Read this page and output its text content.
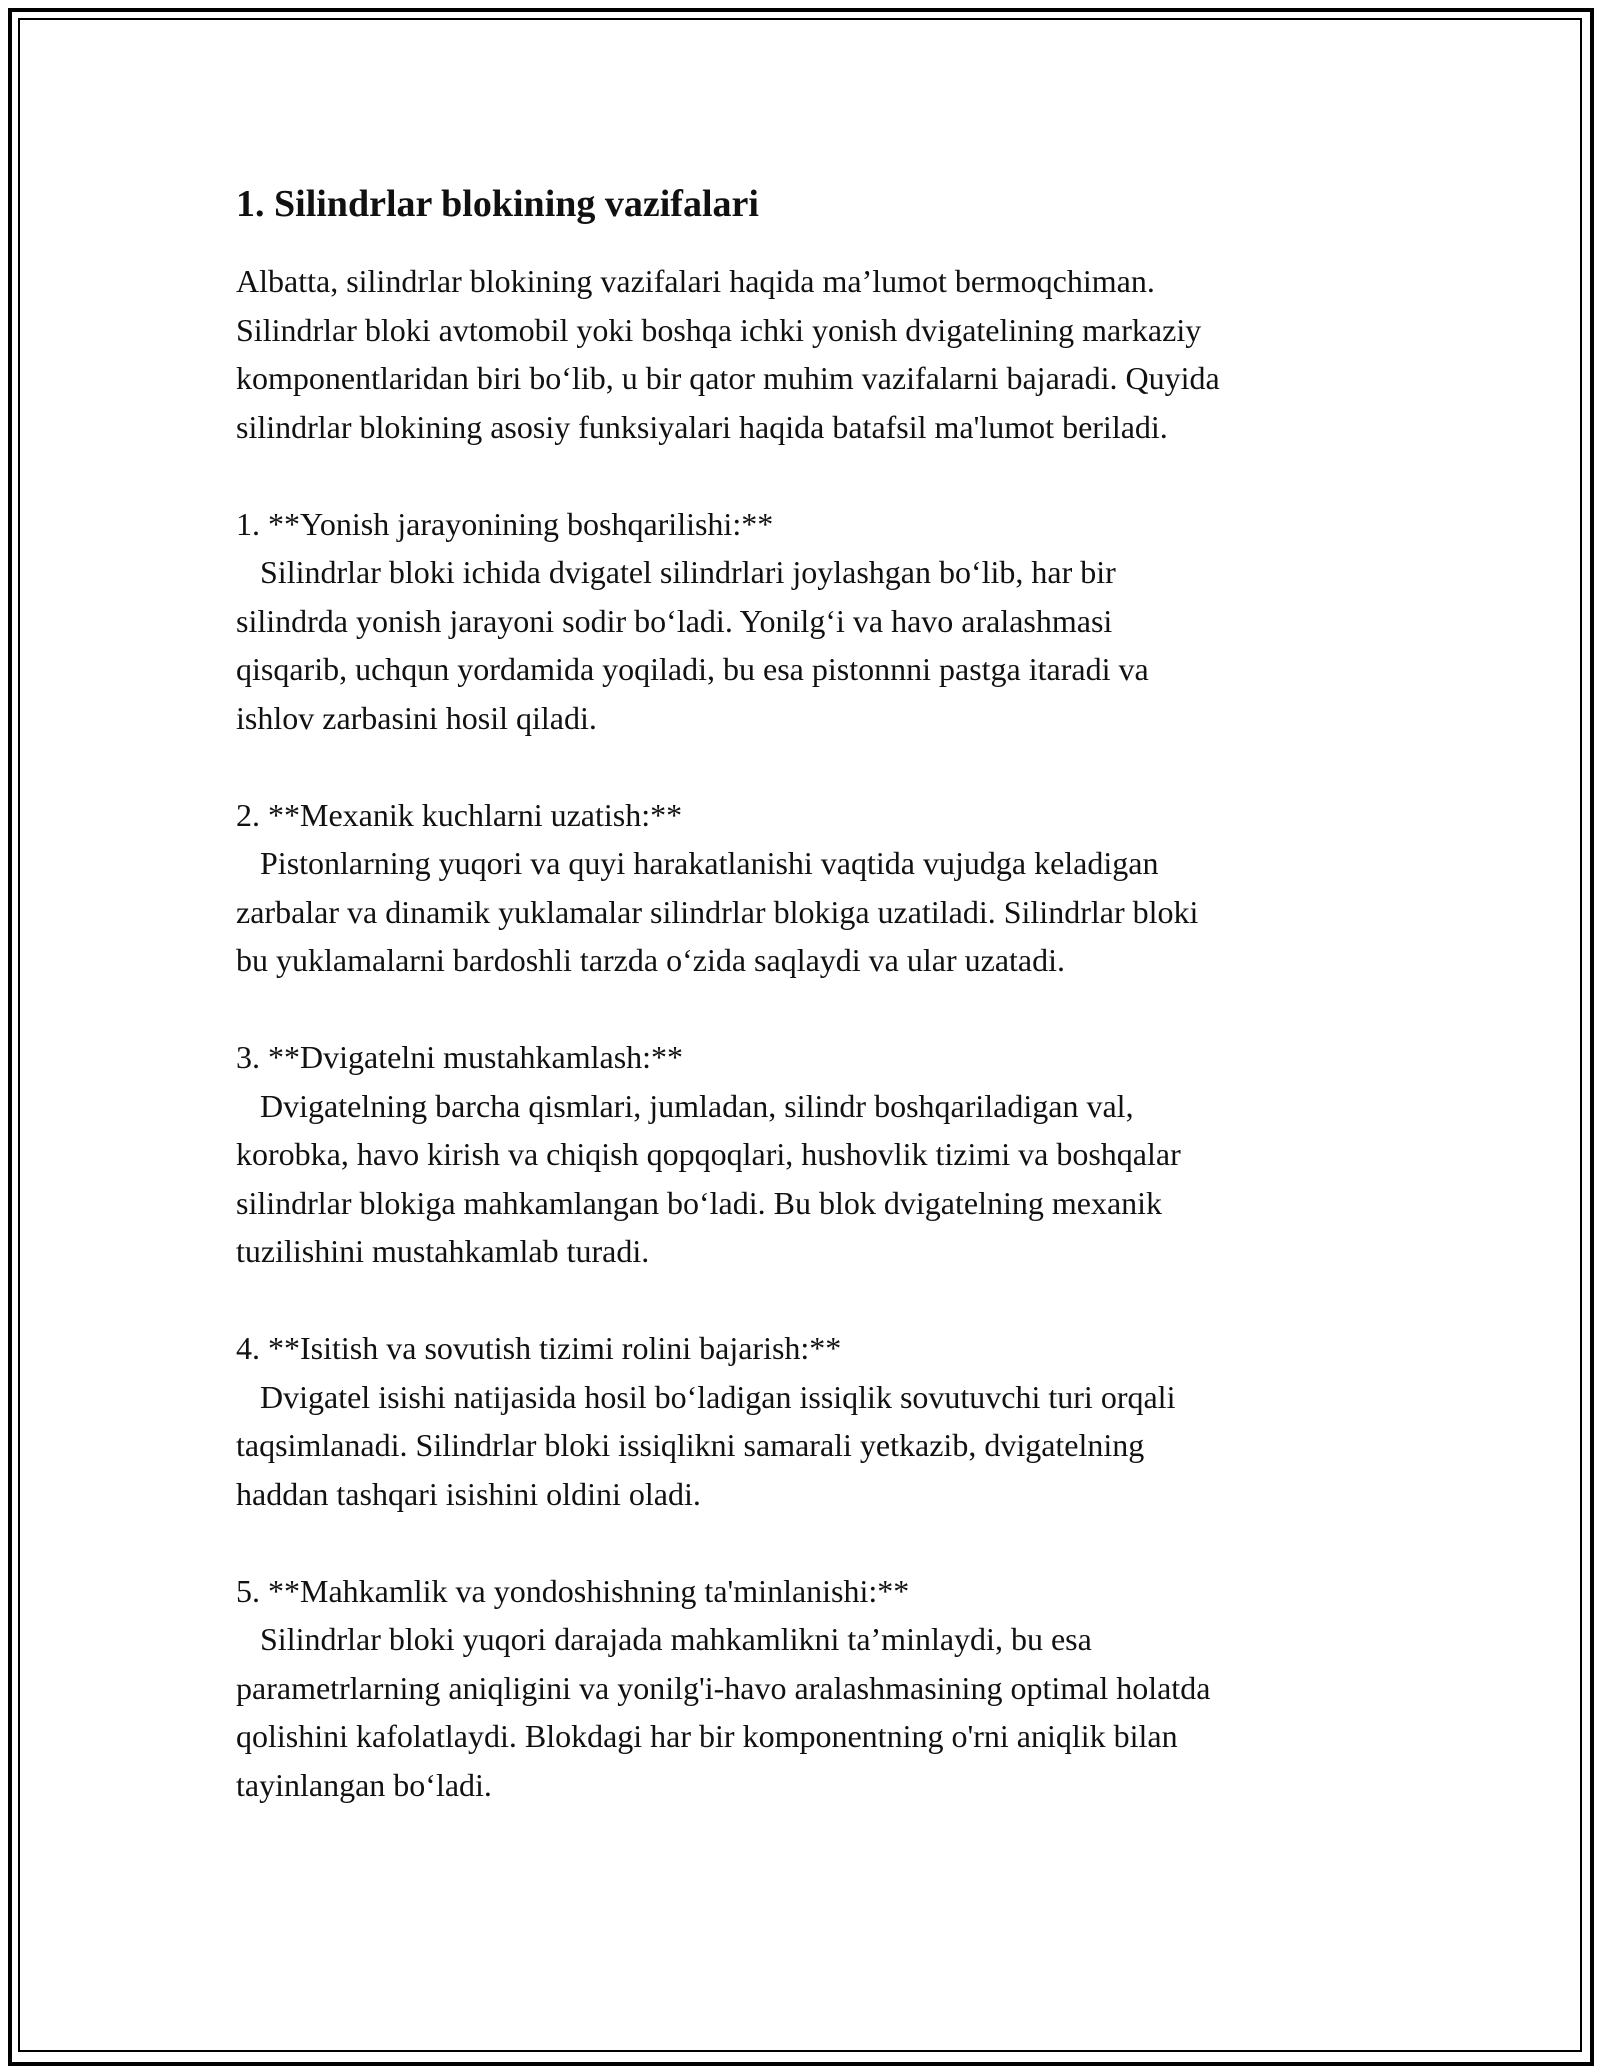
1. Silindrlar blokining vazifalari

Albatta, silindrlar blokining vazifalari haqida ma’lumot bermoqchiman.
Silindrlar bloki avtomobil yoki boshqa ichki yonish dvigatelining markaziy
komponentlaridan biri bo‘lib, u bir qator muhim vazifalarni bajaradi. Quyida
silindrlar blokining asosiy funksiyalari haqida batafsil ma'lumot beriladi.

1. **Yonish jarayonining boshqarilishi:**

Silindrlar bloki ichida dvigatel silindrlari joylashgan bo‘lib, har bir
silindrda yonish jarayoni sodir bo‘ladi. Yonilg‘i va havo aralashmasi
qisqarib, uchqun yordamida yoqiladi, bu esa pistonnni pastga itaradi va
ishlov zarbasini hosil qiladi.

2. **Mexanik kuchlarni uzatish:**

Pistonlarning yuqori va quyi harakatlanishi vaqtida vujudga keladigan
zarbalar va dinamik yuklamalar silindrlar blokiga uzatiladi. Silindrlar bloki
bu yuklamalarni bardoshli tarzda o‘zida saqlaydi va ular uzatadi.

3. **Dvigatelni mustahkamlash:**

Dvigatelning barcha qismlari, jumladan, silindr boshqariladigan val,
korobka, havo kirish va chiqish qopqoqlari, hushovlik tizimi va boshqalar
silindrlar blokiga mahkamlangan bo‘ladi. Bu blok dvigatelning mexanik
tuzilishini mustahkamlab turadi.

4. **Isitish va sovutish tizimi rolini bajarish:**

Dvigatel isishi natijasida hosil bo‘ladigan issiqlik sovutuvchi turi orqali
taqsimlanadi. Silindrlar bloki issiqlikni samarali yetkazib, dvigatelning
haddan tashqari isishini oldini oladi.

5. **Mahkamlik va yondoshishning ta'minlanishi:**

Silindrlar bloki yuqori darajada mahkamlikni ta’minlaydi, bu esa
parametrlarning aniqligini va yonilg'i-havo aralashmasining optimal holatda
qolishini kafolatlaydi. Blokdagi har bir komponentning o'rni aniqlik bilan
tayinlangan bo‘ladi.
